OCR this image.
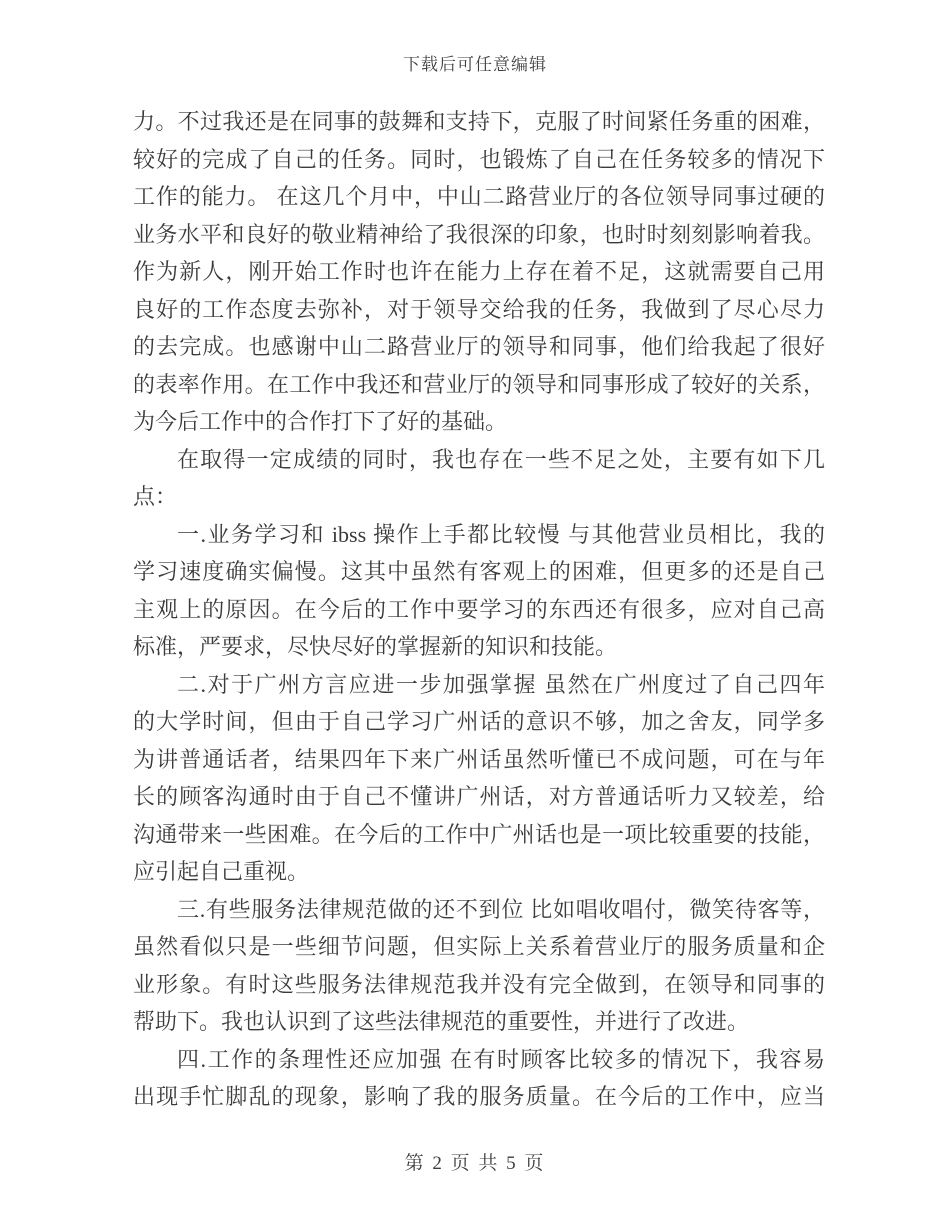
下载后可任意编辑
力。不过我还是在同事的鼓舞和支持下，克服了时间紧任务重的困难，
较好的完成了自己的任务。同时，也锻炼了自己在任务较多的情况下
工作的能力。 在这几个月中，中山二路营业厅的各位领导同事过硬的
业务水平和良好的敬业精神给了我很深的印象，也时时刻刻影响着我。
作为新人，刚开始工作时也许在能力上存在着不足，这就需要自己用
良好的工作态度去弥补，对于领导交给我的任务，我做到了尽心尽力
的去完成。也感谢中山二路营业厅的领导和同事，他们给我起了很好
的表率作用。在工作中我还和营业厅的领导和同事形成了较好的关系，
为今后工作中的合作打下了好的基础。
在取得一定成绩的同时，我也存在一些不足之处，主要有如下几
点：
一.业务学习和 ibss 操作上手都比较慢 与其他营业员相比，我的
学习速度确实偏慢。这其中虽然有客观上的困难，但更多的还是自己
主观上的原因。在今后的工作中要学习的东西还有很多，应对自己高
标准，严要求，尽快尽好的掌握新的知识和技能。
二.对于广州方言应进一步加强掌握 虽然在广州度过了自己四年
的大学时间，但由于自己学习广州话的意识不够，加之舍友，同学多
为讲普通话者，结果四年下来广州话虽然听懂已不成问题，可在与年
长的顾客沟通时由于自己不懂讲广州话，对方普通话听力又较差，给
沟通带来一些困难。在今后的工作中广州话也是一项比较重要的技能，
应引起自己重视。
三.有些服务法律规范做的还不到位 比如唱收唱付，微笑待客等，
虽然看似只是一些细节问题，但实际上关系着营业厅的服务质量和企
业形象。有时这些服务法律规范我并没有完全做到，在领导和同事的
帮助下。我也认识到了这些法律规范的重要性，并进行了改进。
四.工作的条理性还应加强 在有时顾客比较多的情况下，我容易
出现手忙脚乱的现象，影响了我的服务质量。在今后的工作中，应当
第 2 页 共 5 页
